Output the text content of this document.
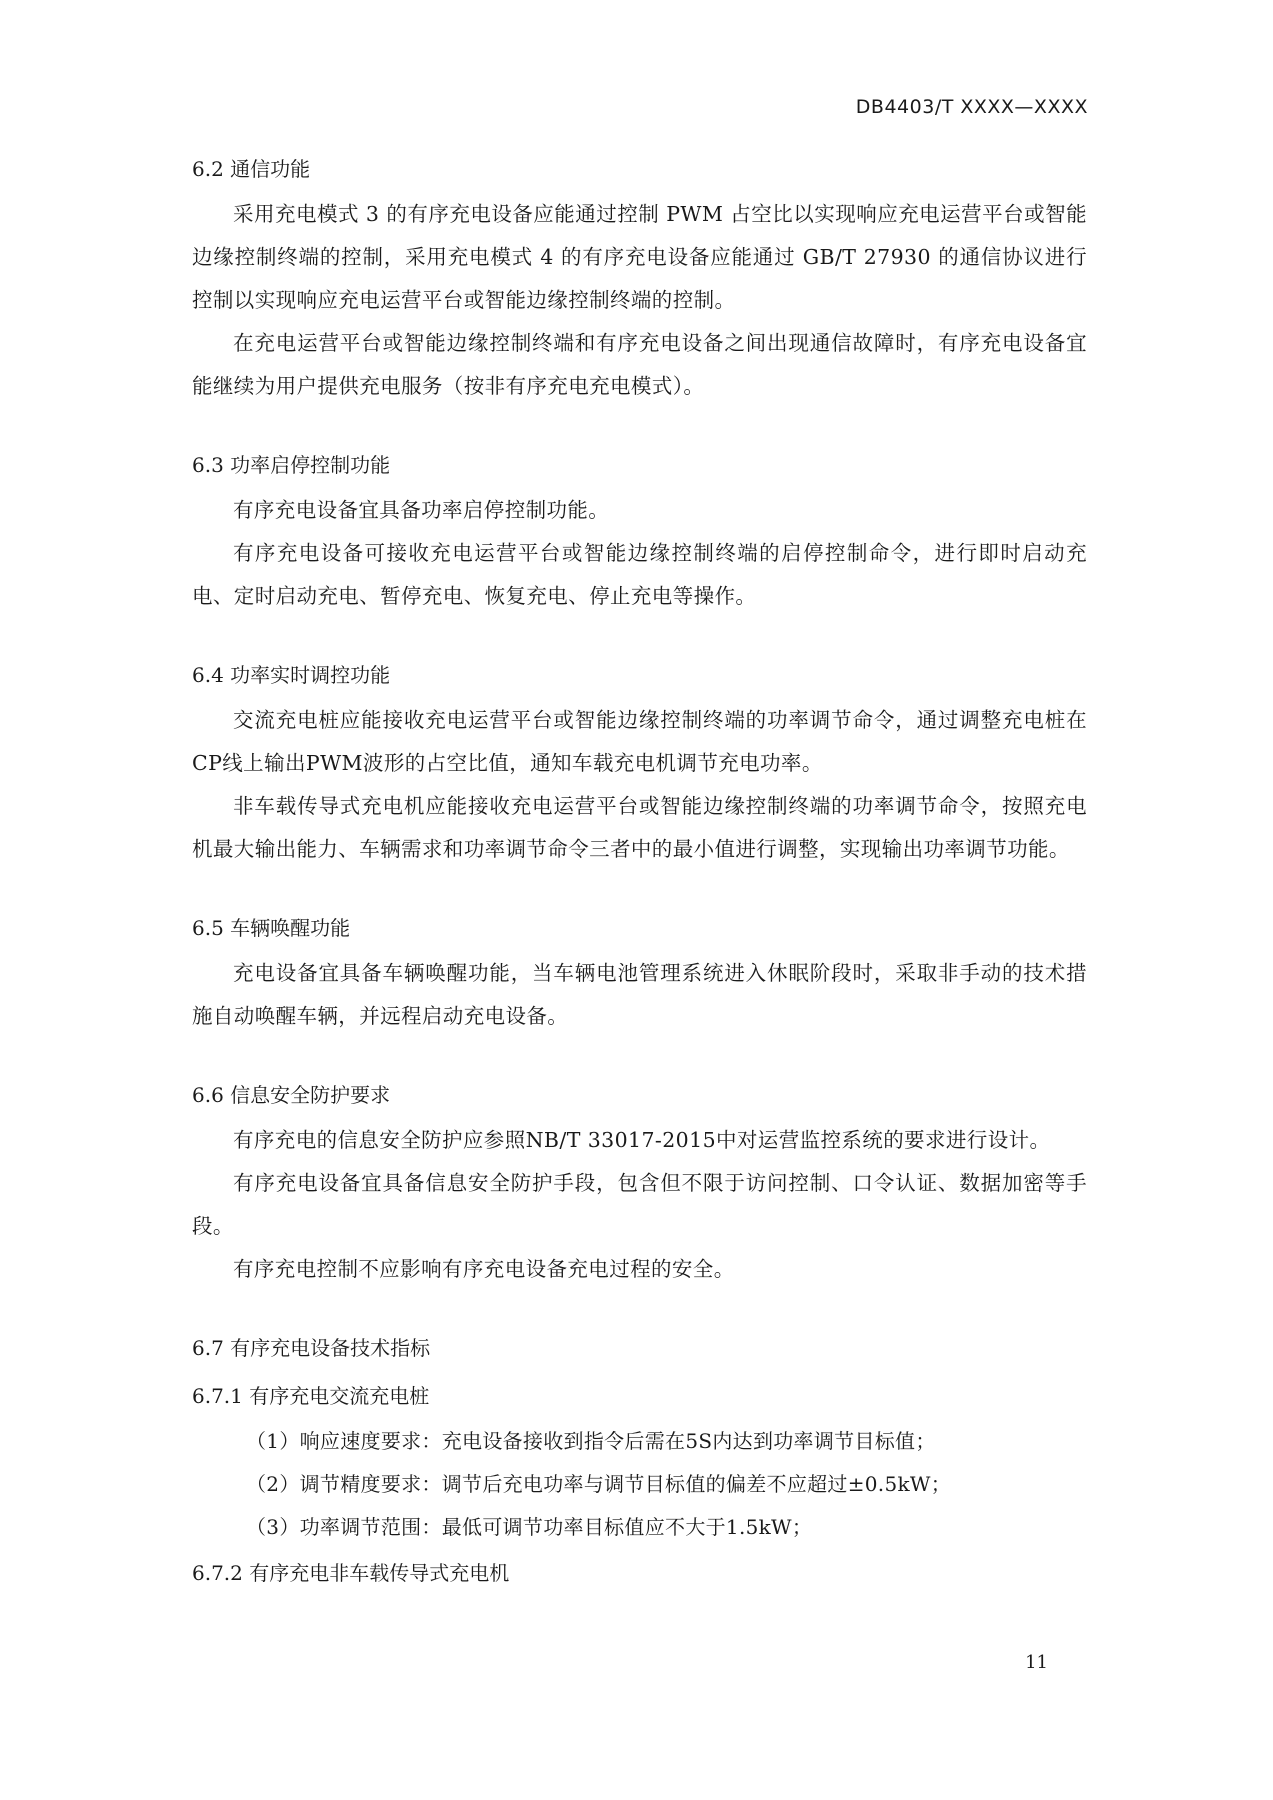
DB4403/T XXXX—XXXX
6.2 通信功能

采用充电模式 3 的有序充电设备应能通过控制 PWM 占空比以实现响应充电运营平台或智能边缘控制终端的控制，采用充电模式 4 的有序充电设备应能通过 GB/T 27930 的通信协议进行控制以实现响应充电运营平台或智能边缘控制终端的控制。

在充电运营平台或智能边缘控制终端和有序充电设备之间出现通信故障时，有序充电设备宜能继续为用户提供充电服务（按非有序充电充电模式）。

6.3 功率启停控制功能

有序充电设备宜具备功率启停控制功能。

有序充电设备可接收充电运营平台或智能边缘控制终端的启停控制命令，进行即时启动充电、定时启动充电、暂停充电、恢复充电、停止充电等操作。

6.4 功率实时调控功能

交流充电桩应能接收充电运营平台或智能边缘控制终端的功率调节命令，通过调整充电桩在CP线上输出PWM波形的占空比值，通知车载充电机调节充电功率。

非车载传导式充电机应能接收充电运营平台或智能边缘控制终端的功率调节命令，按照充电机最大输出能力、车辆需求和功率调节命令三者中的最小值进行调整，实现输出功率调节功能。

6.5 车辆唤醒功能

充电设备宜具备车辆唤醒功能，当车辆电池管理系统进入休眠阶段时，采取非手动的技术措施自动唤醒车辆，并远程启动充电设备。

6.6 信息安全防护要求

有序充电的信息安全防护应参照NB/T 33017-2015中对运营监控系统的要求进行设计。

有序充电设备宜具备信息安全防护手段，包含但不限于访问控制、口令认证、数据加密等手段。

有序充电控制不应影响有序充电设备充电过程的安全。

6.7 有序充电设备技术指标
6.7.1 有序充电交流充电桩
（1）响应速度要求：充电设备接收到指令后需在5S内达到功率调节目标值；
（2）调节精度要求：调节后充电功率与调节目标值的偏差不应超过±0.5kW；
（3）功率调节范围：最低可调节功率目标值应不大于1.5kW；
6.7.2 有序充电非车载传导式充电机
11
